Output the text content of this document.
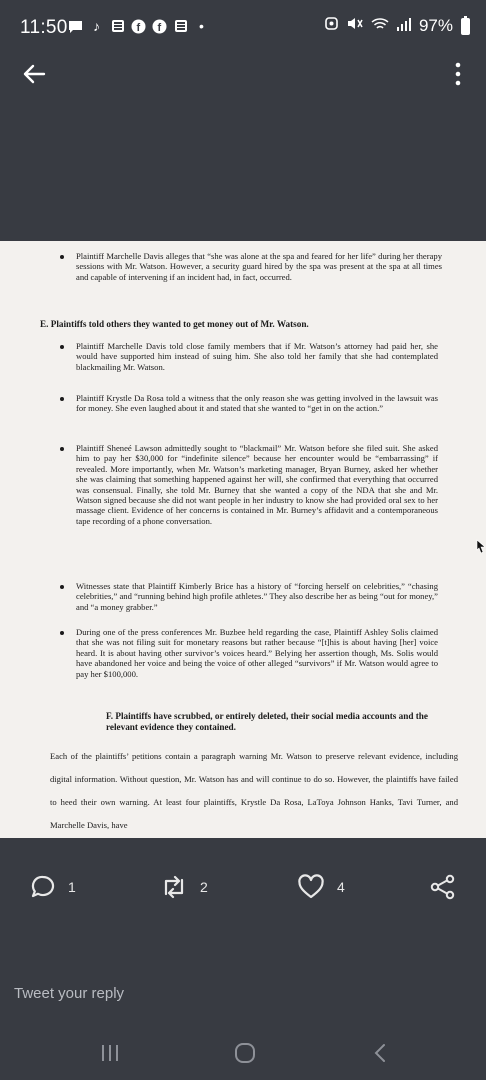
11:50 ♪	f f	•	97%
Plaintiff Marchelle Davis alleges that “she was alone at the spa and feared for her life” during her therapy sessions with Mr. Watson. However, a security guard hired by the spa was present at the spa at all times and capable of intervening if an incident had, in fact, occurred.
E. Plaintiffs told others they wanted to get money out of Mr. Watson.
Plaintiff Marchelle Davis told close family members that if Mr. Watson’s attorney had paid her, she would have supported him instead of suing him. She also told her family that she had contemplated blackmailing Mr. Watson.
Plaintiff Krystle Da Rosa told a witness that the only reason she was getting involved in the lawsuit was for money. She even laughed about it and stated that she wanted to “get in on the action.”
Plaintiff Sheneé Lawson admittedly sought to “blackmail” Mr. Watson before she filed suit. She asked him to pay her $30,000 for “indefinite silence” because her encounter would be “embarrassing” if revealed. More importantly, when Mr. Watson’s marketing manager, Bryan Burney, asked her whether she was claiming that something happened against her will, she confirmed that everything that occurred was consensual. Finally, she told Mr. Burney that she wanted a copy of the NDA that she and Mr. Watson signed because she did not want people in her industry to know she had provided oral sex to her massage client. Evidence of her concerns is contained in Mr. Burney’s affidavit and a contemporaneous tape recording of a phone conversation.
Witnesses state that Plaintiff Kimberly Brice has a history of “forcing herself on celebrities,” “chasing celebrities,” and “running behind high profile athletes.” They also describe her as being “out for money,” and “a money grabber.”
During one of the press conferences Mr. Buzbee held regarding the case, Plaintiff Ashley Solis claimed that she was not filing suit for monetary reasons but rather because “[t]his is about having [her] voice heard. It is about having other survivor’s voices heard.” Belying her assertion though, Ms. Solis would have abandoned her voice and being the voice of other alleged “survivors” if Mr. Watson would agree to pay her $100,000.
F. Plaintiffs have scrubbed, or entirely deleted, their social media accounts and the relevant evidence they contained.
Each of the plaintiffs’ petitions contain a paragraph warning Mr. Watson to preserve relevant evidence, including digital information. Without question, Mr. Watson has and will continue to do so. However, the plaintiffs have failed to heed their own warning. At least four plaintiffs, Krystle Da Rosa, LaToya Johnson Hanks, Tavi Turner, and Marchelle Davis, have
1	2	4
Tweet your reply
